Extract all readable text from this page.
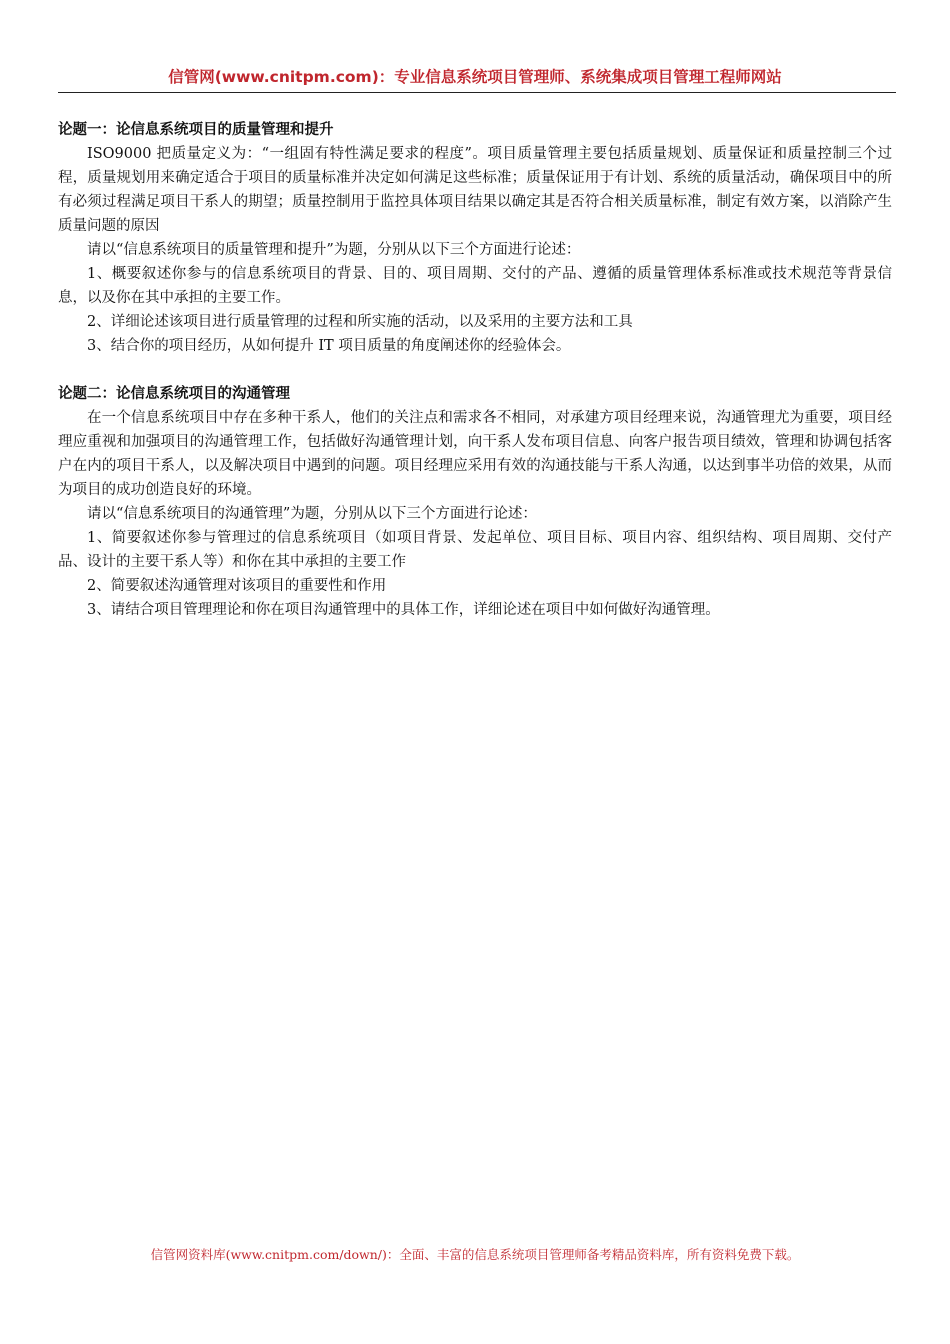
信管网(www.cnitpm.com)：专业信息系统项目管理师、系统集成项目管理工程师网站
论题一：论信息系统项目的质量管理和提升

ISO9000 把质量定义为：“一组固有特性满足要求的程度”。项目质量管理主要包括质量规划、质量保证和质量控制三个过程，质量规划用来确定适合于项目的质量标准并决定如何满足这些标准；质量保证用于有计划、系统的质量活动，确保项目中的所有必须过程满足项目干系人的期望；质量控制用于监控具体项目结果以确定其是否符合相关质量标准，制定有效方案，以消除产生质量问题的原因

请以“信息系统项目的质量管理和提升”为题，分别从以下三个方面进行论述：

1、概要叙述你参与的信息系统项目的背景、目的、项目周期、交付的产品、遵循的质量管理体系标准或技术规范等背景信息，以及你在其中承担的主要工作。

2、详细论述该项目进行质量管理的过程和所实施的活动，以及采用的主要方法和工具

3、结合你的项目经历，从如何提升 IT 项目质量的角度阐述你的经验体会。

论题二：论信息系统项目的沟通管理

在一个信息系统项目中存在多种干系人，他们的关注点和需求各不相同，对承建方项目经理来说，沟通管理尤为重要，项目经理应重视和加强项目的沟通管理工作，包括做好沟通管理计划，向干系人发布项目信息、向客户报告项目绩效，管理和协调包括客户在内的项目干系人，以及解决项目中遇到的问题。项目经理应采用有效的沟通技能与干系人沟通，以达到事半功倍的效果，从而为项目的成功创造良好的环境。

请以“信息系统项目的沟通管理”为题，分别从以下三个方面进行论述：

1、简要叙述你参与管理过的信息系统项目（如项目背景、发起单位、项目目标、项目内容、组织结构、项目周期、交付产品、设计的主要干系人等）和你在其中承担的主要工作

2、简要叙述沟通管理对该项目的重要性和作用

3、请结合项目管理理论和你在项目沟通管理中的具体工作，详细论述在项目中如何做好沟通管理。

信管网资料库(www.cnitpm.com/down/)：全面、丰富的信息系统项目管理师备考精品资料库，所有资料免费下载。
